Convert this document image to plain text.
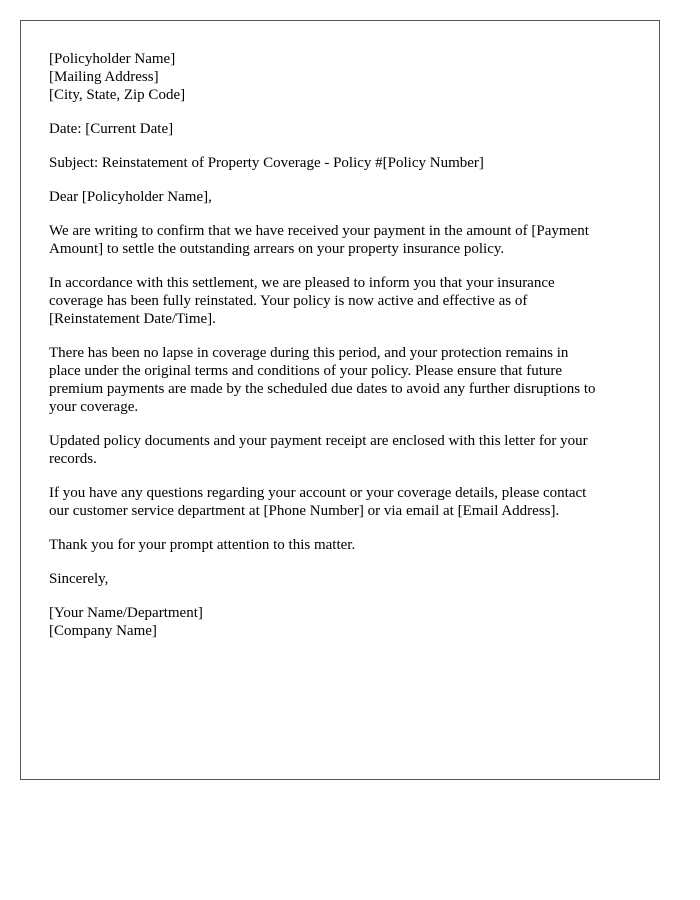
[Policyholder Name]
[Mailing Address]
[City, State, Zip Code]
Date: [Current Date]
Subject: Reinstatement of Property Coverage - Policy #[Policy Number]
Dear [Policyholder Name],
We are writing to confirm that we have received your payment in the amount of [Payment
Amount] to settle the outstanding arrears on your property insurance policy.
In accordance with this settlement, we are pleased to inform you that your insurance
coverage has been fully reinstated. Your policy is now active and effective as of
[Reinstatement Date/Time].
There has been no lapse in coverage during this period, and your protection remains in
place under the original terms and conditions of your policy. Please ensure that future
premium payments are made by the scheduled due dates to avoid any further disruptions to
your coverage.
Updated policy documents and your payment receipt are enclosed with this letter for your
records.
If you have any questions regarding your account or your coverage details, please contact
our customer service department at [Phone Number] or via email at [Email Address].
Thank you for your prompt attention to this matter.
Sincerely,
[Your Name/Department]
[Company Name]
